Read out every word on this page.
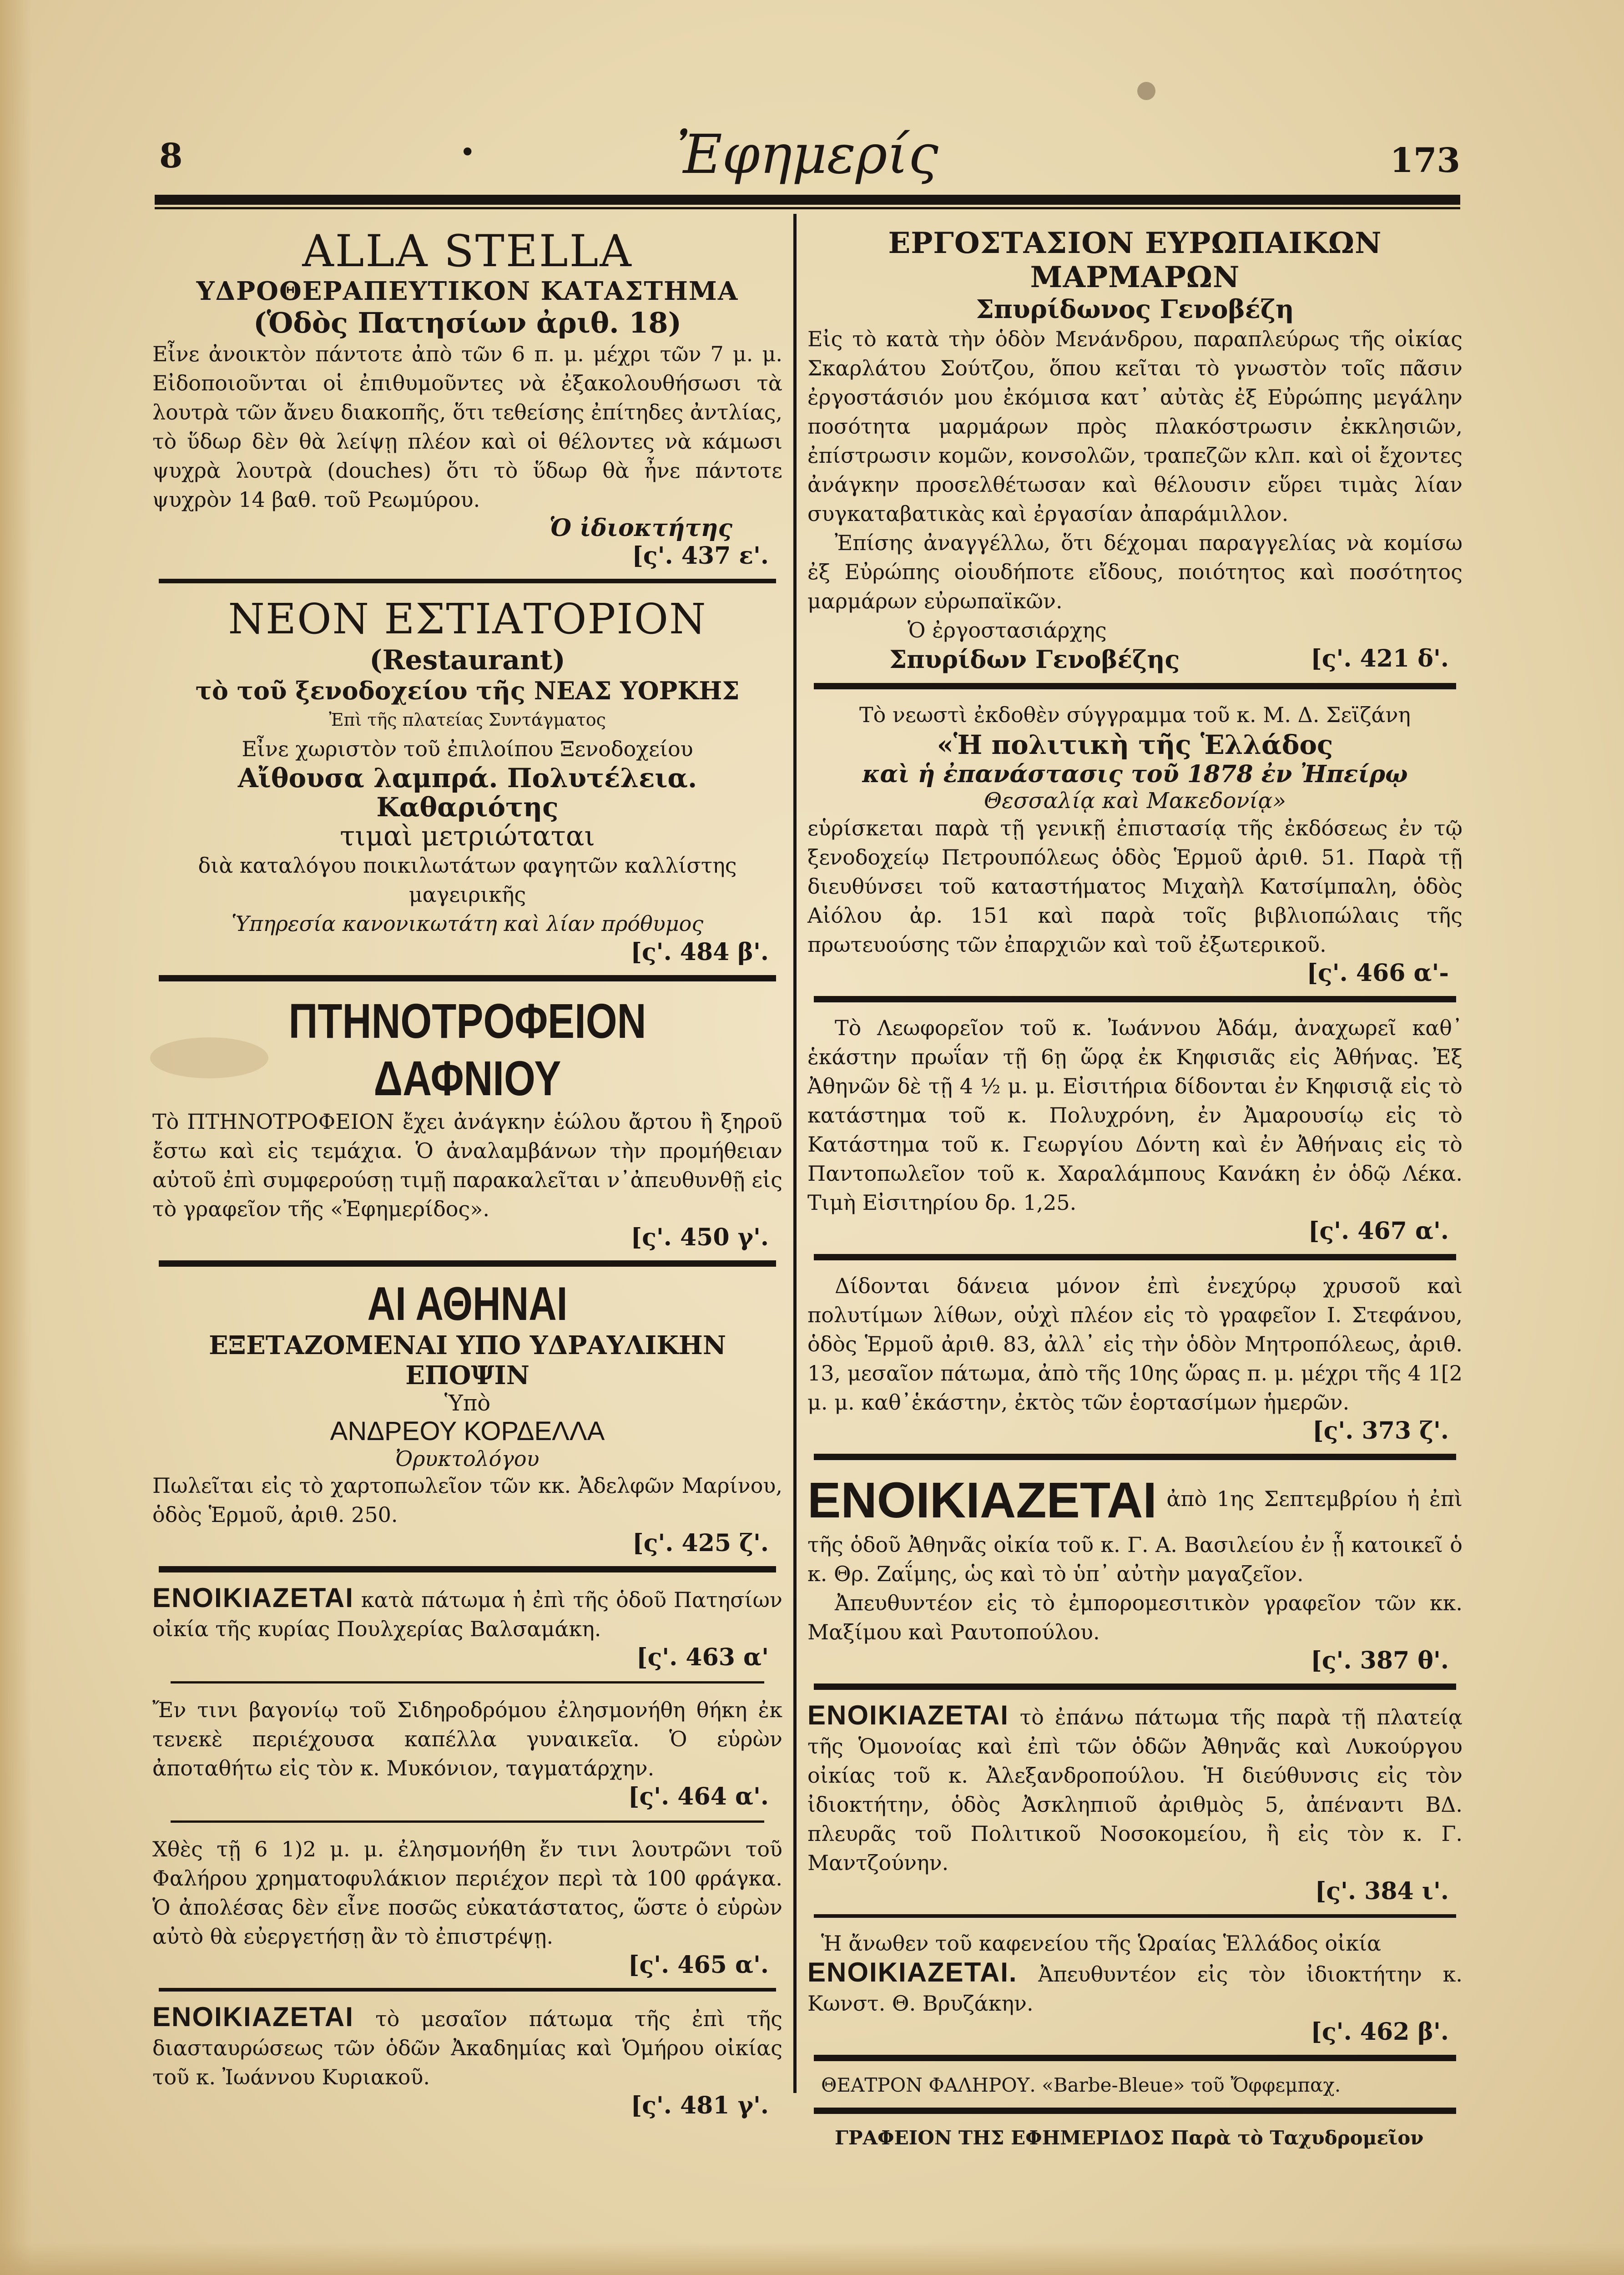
8	•	Ἐφημερίς	173
ALLA STELLA
ΥΔΡΟΘΕΡΑΠΕΥΤΙΚΟΝ ΚΑΤΑΣΤΗΜΑ
(Ὁδὸς Πατησίων ἀριθ. 18)
Εἶνε ἀνοικτὸν πάντοτε ἀπὸ τῶν 6 π. μ. μέχρι τῶν 7 μ. μ. Εἰδοποιοῦνται οἱ ἐπιθυμοῦντες νὰ ἐξακολουθήσωσι τὰ λουτρὰ τῶν ἄνευ διακοπῆς, ὅτι τεθείσης ἐπίτηδες ἀντλίας, τὸ ὕδωρ δὲν θὰ λείψῃ πλέον καὶ οἱ θέλοντες νὰ κάμωσι ψυχρὰ λουτρὰ (douches) ὅτι τὸ ὕδωρ θὰ ἦνε πάντοτε ψυχρὸν 14 βαθ. τοῦ Ρεωμύρου.
Ὁ ἰδιοκτήτης
[ς'. 437 ε'.
ΝΕΟΝ ΕΣΤΙΑΤΟΡΙΟΝ
(Restaurant)
τὸ τοῦ ξενοδοχείου τῆς ΝΕΑΣ ΥΟΡΚΗΣ
Ἐπὶ τῆς πλατείας Συντάγματος
Εἶνε χωριστὸν τοῦ ἐπιλοίπου Ξενοδοχείου
Αἴθουσα λαμπρά. Πολυτέλεια. Καθαριότης
τιμαὶ μετριώταται
διὰ καταλόγου ποικιλωτάτων φαγητῶν καλλίστης μαγειρικῆς
Ὑπηρεσία κανονικωτάτη καὶ λίαν πρόθυμος
[ς'. 484 β'.
ΠΤΗΝΟΤΡΟΦΕΙΟΝ ΔΑΦΝΙΟΥ
Τὸ ΠΤΗΝΟΤΡΟΦΕΙΟΝ ἔχει ἀνάγκην ἑώλου ἄρτου ἢ ξηροῦ ἔστω καὶ εἰς τεμάχια. Ὁ ἀναλαμβάνων τὴν προμήθειαν αὐτοῦ ἐπὶ συμφερούσῃ τιμῇ παρακαλεῖται ν᾽ἀπευθυνθῇ εἰς τὸ γραφεῖον τῆς «Ἐφημερίδος».
[ς'. 450 γ'.
ΑΙ ΑΘΗΝΑΙ
ΕΞΕΤΑΖΟΜΕΝΑΙ ΥΠΟ ΥΔΡΑΥΛΙΚΗΝ ΕΠΟΨΙΝ
Ὑπὸ
ΑΝΔΡΕΟΥ ΚΟΡΔΕΛΛΑ
Ὀρυκτολόγου
Πωλεῖται εἰς τὸ χαρτοπωλεῖον τῶν κκ. Ἀδελφῶν Μαρίνου, ὁδὸς Ἑρμοῦ, ἀριθ. 250.
[ς'. 425 ζ'.
ΕΝΟΙΚΙΑΖΕΤΑΙ κατὰ πάτωμα ἡ ἐπὶ τῆς ὁδοῦ Πατησίων οἰκία τῆς κυρίας Πουλχερίας Βαλσαμάκη.
[ς'. 463 α'
Ἔν τινι βαγονίῳ τοῦ Σιδηροδρόμου ἐλησμονήθη θήκη ἐκ τενεκὲ περιέχουσα καπέλλα γυναικεῖα. Ὁ εὑρὼν ἀποταθήτω εἰς τὸν κ. Μυκόνιον, ταγματάρχην.
[ς'. 464 α'.
Χθὲς τῇ 6 1)2 μ. μ. ἐλησμονήθη ἔν τινι λουτρῶνι τοῦ Φαλήρου χρηματοφυλάκιον περιέχον περὶ τὰ 100 φράγκα. Ὁ ἀπολέσας δὲν εἶνε ποσῶς εὐκατάστατος, ὥστε ὁ εὑρὼν αὐτὸ θὰ εὐεργετήσῃ ἂν τὸ ἐπιστρέψῃ.
[ς'. 465 α'.
ΕΝΟΙΚΙΑΖΕΤΑΙ τὸ μεσαῖον πάτωμα τῆς ἐπὶ τῆς διασταυρώσεως τῶν ὁδῶν Ἀκαδημίας καὶ Ὁμήρου οἰκίας τοῦ κ. Ἰωάννου Κυριακοῦ.
[ς'. 481 γ'.
ΕΡΓΟΣΤΑΣΙΟΝ ΕΥΡΩΠΑΙΚΩΝ ΜΑΡΜΑΡΩΝ
Σπυρίδωνος Γενοβέζη
Εἰς τὸ κατὰ τὴν ὁδὸν Μενάνδρου, παραπλεύρως τῆς οἰκίας Σκαρλάτου Σούτζου, ὅπου κεῖται τὸ γνωστὸν τοῖς πᾶσιν ἐργοστάσιόν μου ἐκόμισα κατ᾽ αὐτὰς ἐξ Εὐρώπης μεγάλην ποσότητα μαρμάρων πρὸς πλακόστρωσιν ἐκκλησιῶν, ἐπίστρωσιν κομῶν, κονσολῶν, τραπεζῶν κλπ. καὶ οἱ ἔχοντες ἀνάγκην προσελθέτωσαν καὶ θέλουσιν εὕρει τιμὰς λίαν συγκαταβατικὰς καὶ ἐργασίαν ἀπαράμιλλον.
Ἐπίσης ἀναγγέλλω, ὅτι δέχομαι παραγγελίας νὰ κομίσω ἐξ Εὐρώπης οἱουδήποτε εἴδους, ποιότητος καὶ ποσότητος μαρμάρων εὐρωπαϊκῶν.
Ὁ ἐργοστασιάρχης
Σπυρίδων Γενοβέζης	[ς'. 421 δ'.
Τὸ νεωστὶ ἐκδοθὲν σύγγραμμα τοῦ κ. Μ. Δ. Σεϊζάνη
«Ἡ πολιτικὴ τῆς Ἑλλάδος
καὶ ἡ ἐπανάστασις τοῦ 1878 ἐν Ἠπείρῳ
Θεσσαλίᾳ καὶ Μακεδονίᾳ»
εὑρίσκεται παρὰ τῇ γενικῇ ἐπιστασίᾳ τῆς ἐκδόσεως ἐν τῷ ξενοδοχείῳ Πετρουπόλεως ὁδὸς Ἑρμοῦ ἀριθ. 51. Παρὰ τῇ διευθύνσει τοῦ καταστήματος Μιχαὴλ Κατσίμπαλη, ὁδὸς Αἰόλου ἀρ. 151 καὶ παρὰ τοῖς βιβλιοπώλαις τῆς πρωτευούσης τῶν ἐπαρχιῶν καὶ τοῦ ἐξωτερικοῦ.
[ς'. 466 α'-
Τὸ Λεωφορεῖον τοῦ κ. Ἰωάννου Ἀδάμ, ἀναχωρεῖ καθ᾽ ἑκάστην πρωΐαν τῇ 6ῃ ὥρᾳ ἐκ Κηφισιᾶς εἰς Ἀθήνας. Ἐξ Ἀθηνῶν δὲ τῇ 4 ½ μ. μ. Εἰσιτήρια δίδονται ἐν Κηφισιᾷ εἰς τὸ κατάστημα τοῦ κ. Πολυχρόνη, ἐν Ἀμαρουσίῳ εἰς τὸ Κατάστημα τοῦ κ. Γεωργίου Δόντη καὶ ἐν Ἀθήναις εἰς τὸ Παντοπωλεῖον τοῦ κ. Χαραλάμπους Κανάκη ἐν ὁδῷ Λέκα. Τιμὴ Εἰσιτηρίου δρ. 1,25.
[ς'. 467 α'.
Δίδονται δάνεια μόνον ἐπὶ ἐνεχύρῳ χρυσοῦ καὶ πολυτίμων λίθων, οὐχὶ πλέον εἰς τὸ γραφεῖον Ι. Στεφάνου, ὁδὸς Ἑρμοῦ ἀριθ. 83, ἀλλ᾽ εἰς τὴν ὁδὸν Μητροπόλεως, ἀριθ. 13, μεσαῖον πάτωμα, ἀπὸ τῆς 10ης ὥρας π. μ. μέχρι τῆς 4 1[2 μ. μ. καθ᾽ἑκάστην, ἐκτὸς τῶν ἑορτασίμων ἡμερῶν.
[ς'. 373 ζ'.
ΕΝΟΙΚΙΑΖΕΤΑΙ ἀπὸ 1ης Σεπτεμβρίου ἡ ἐπὶ τῆς ὁδοῦ Ἀθηνᾶς οἰκία τοῦ κ. Γ. Α. Βασιλείου ἐν ᾗ κατοικεῖ ὁ κ. Θρ. Ζαΐμης, ὡς καὶ τὸ ὑπ᾽ αὐτὴν μαγαζεῖον.
Ἀπευθυντέον εἰς τὸ ἐμπορομεσιτικὸν γραφεῖον τῶν κκ. Μαξίμου καὶ Ραυτοπούλου.
[ς'. 387 θ'.
ΕΝΟΙΚΙΑΖΕΤΑΙ τὸ ἐπάνω πάτωμα τῆς παρὰ τῇ πλατείᾳ τῆς Ὁμονοίας καὶ ἐπὶ τῶν ὁδῶν Ἀθηνᾶς καὶ Λυκούργου οἰκίας τοῦ κ. Ἀλεξανδροπούλου. Ἡ διεύθυνσις εἰς τὸν ἰδιοκτήτην, ὁδὸς Ἀσκληπιοῦ ἀριθμὸς 5, ἀπέναντι ΒΔ. πλευρᾶς τοῦ Πολιτικοῦ Νοσοκομείου, ἢ εἰς τὸν κ. Γ. Μαντζούνην.
[ς'. 384 ι'.
Ἡ ἄνωθεν τοῦ καφενείου τῆς Ὡραίας Ἑλλάδος οἰκία
ΕΝΟΙΚΙΑΖΕΤΑΙ. Ἀπευθυντέον εἰς τὸν ἰδιοκτήτην κ. Κωνστ. Θ. Βρυζάκην.
[ς'. 462 β'.
ΘΕΑΤΡΟΝ ΦΑΛΗΡΟΥ. «Barbe-Bleue» τοῦ Ὄφφεμπαχ.
ΓΡΑΦΕΙΟΝ ΤΗΣ ΕΦΗΜΕΡΙΔΟΣ Παρὰ τὸ Ταχυδρομεῖον
